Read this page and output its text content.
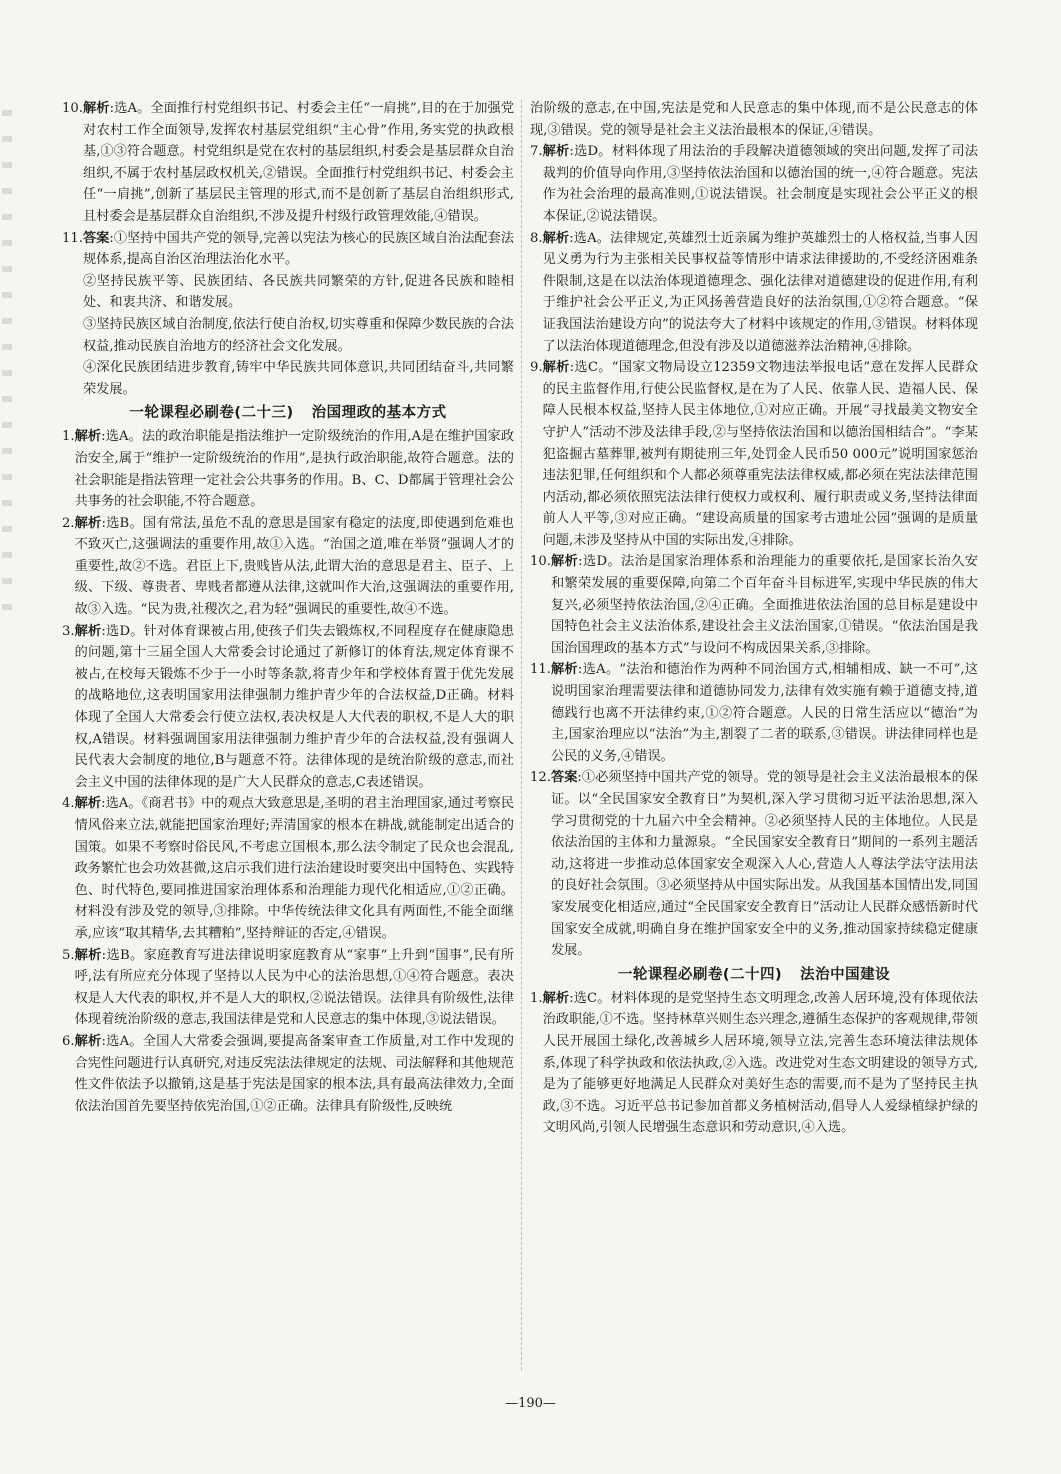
10. 解析:选A。全面推行村党组织书记、村委会主任“一肩挑”,目的在于加强党对农村工作全面领导,发挥农村基层党组织“主心骨”作用,务实党的执政根基,①③符合题意。村党组织是党在农村的基层组织,村委会是基层群众自治组织,不属于农村基层政权机关,②错误。全面推行村党组织书记、村委会主任“一肩挑”,创新了基层民主管理的形式,而不是创新了基层自治组织形式,且村委会是基层群众自治组织,不涉及提升村级行政管理效能,④错误。
11. 答案:①坚持中国共产党的领导,完善以宪法为核心的民族区域自治法配套法规体系,提高自治区治理法治化水平。

②坚持民族平等、民族团结、各民族共同繁荣的方针,促进各民族和睦相处、和衷共济、和谐发展。

③坚持民族区域自治制度,依法行使自治权,切实尊重和保障少数民族的合法权益,推动民族自治地方的经济社会文化发展。

④深化民族团结进步教育,铸牢中华民族共同体意识,共同团结奋斗,共同繁荣发展。

一轮课程必刷卷(二十三) 治国理政的基本方式
1. 解析:选A。法的政治职能是指法维护一定阶级统治的作用,A是在维护国家政治安全,属于“维护一定阶级统治的作用”,是执行政治职能,故符合题意。法的社会职能是指法管理一定社会公共事务的作用。B、C、D都属于管理社会公共事务的社会职能,不符合题意。
2. 解析:选B。国有常法,虽危不乱的意思是国家有稳定的法度,即使遇到危难也不致灭亡,这强调法的重要作用,故①入选。“治国之道,唯在举贤”强调人才的重要性,故②不选。君臣上下,贵贱皆从法,此谓大治的意思是君主、臣子、上级、下级、尊贵者、卑贱者都遵从法律,这就叫作大治,这强调法的重要作用,故③入选。“民为贵,社稷次之,君为轻”强调民的重要性,故④不选。
3. 解析:选D。针对体育课被占用,使孩子们失去锻炼权,不同程度存在健康隐患的问题,第十三届全国人大常委会讨论通过了新修订的体育法,规定体育课不被占,在校每天锻炼不少于一小时等条款,将青少年和学校体育置于优先发展的战略地位,这表明国家用法律强制力维护青少年的合法权益,D正确。材料体现了全国人大常委会行使立法权,表决权是人大代表的职权,不是人大的职权,A错误。材料强调国家用法律强制力维护青少年的合法权益,没有强调人民代表大会制度的地位,B与题意不符。法律体现的是统治阶级的意志,而社会主义中国的法律体现的是广大人民群众的意志,C表述错误。
4. 解析:选A。《商君书》中的观点大致意思是,圣明的君主治理国家,通过考察民情风俗来立法,就能把国家治理好;弄清国家的根本在耕战,就能制定出适合的国策。如果不考察时俗民风,不考虑立国根本,那么法令制定了民众也会混乱,政务繁忙也会功效甚微,这启示我们进行法治建设时要突出中国特色、实践特色、时代特色,要同推进国家治理体系和治理能力现代化相适应,①②正确。材料没有涉及党的领导,③排除。中华传统法律文化具有两面性,不能全面继承,应该“取其精华,去其糟粕”,坚持辩证的否定,④错误。
5. 解析:选B。家庭教育写进法律说明家庭教育从“家事”上升到“国事”,民有所呼,法有所应充分体现了坚持以人民为中心的法治思想,①④符合题意。表决权是人大代表的职权,并不是人大的职权,②说法错误。法律具有阶级性,法律体现着统治阶级的意志,我国法律是党和人民意志的集中体现,③说法错误。
6. 解析:选A。全国人大常委会强调,要提高备案审查工作质量,对工作中发现的合宪性问题进行认真研究,对违反宪法法律规定的法规、司法解释和其他规范性文件依法予以撤销,这是基于宪法是国家的根本法,具有最高法律效力,全面依法治国首先要坚持依宪治国,①②正确。法律具有阶级性,反映统
治阶级的意志,在中国,宪法是党和人民意志的集中体现,而不是公民意志的体现,③错误。党的领导是社会主义法治最根本的保证,④错误。
7. 解析:选D。材料体现了用法治的手段解决道德领域的突出问题,发挥了司法裁判的价值导向作用,③坚持依法治国和以德治国的统一,④符合题意。宪法作为社会治理的最高准则,①说法错误。社会制度是实现社会公平正义的根本保证,②说法错误。
8. 解析:选A。法律规定,英雄烈士近亲属为维护英雄烈士的人格权益,当事人因见义勇为行为主张相关民事权益等情形中请求法律援助的,不受经济困难条件限制,这是在以法治体现道德理念、强化法律对道德建设的促进作用,有利于维护社会公平正义,为正风扬善营造良好的法治氛围,①②符合题意。“保证我国法治建设方向”的说法夸大了材料中该规定的作用,③错误。材料体现了以法治体现道德理念,但没有涉及以道德滋养法治精神,④排除。
9. 解析:选C。“国家文物局设立12359文物违法举报电话”意在发挥人民群众的民主监督作用,行使公民监督权,是在为了人民、依靠人民、造福人民、保障人民根本权益,坚持人民主体地位,①对应正确。开展“寻找最美文物安全守护人”活动不涉及法律手段,②与坚持依法治国和以德治国相结合”。“李某犯盗掘古墓葬罪,被判有期徒刑三年,处罚金人民币50 000元”说明国家惩治违法犯罪,任何组织和个人都必须尊重宪法法律权威,都必须在宪法法律范围内活动,都必须依照宪法法律行使权力或权利、履行职责或义务,坚持法律面前人人平等,③对应正确。“建设高质量的国家考古遗址公园”强调的是质量问题,未涉及坚持从中国的实际出发,④排除。
10. 解析:选D。法治是国家治理体系和治理能力的重要依托,是国家长治久安和繁荣发展的重要保障,向第二个百年奋斗目标进军,实现中华民族的伟大复兴,必须坚持依法治国,②④正确。全面推进依法治国的总目标是建设中国特色社会主义法治体系,建设社会主义法治国家,①错误。“依法治国是我国治国理政的基本方式”与设问不构成因果关系,③排除。
11. 解析:选A。“法治和德治作为两种不同治国方式,相辅相成、缺一不可”,这说明国家治理需要法律和道德协同发力,法律有效实施有赖于道德支持,道德践行也离不开法律约束,①②符合题意。人民的日常生活应以“德治”为主,国家治理应以“法治”为主,割裂了二者的联系,③错误。讲法律同样也是公民的义务,④错误。
12. 答案:①必须坚持中国共产党的领导。党的领导是社会主义法治最根本的保证。以“全民国家安全教育日”为契机,深入学习贯彻习近平法治思想,深入学习贯彻党的十九届六中全会精神。②必须坚持人民的主体地位。人民是依法治国的主体和力量源泉。“全民国家安全教育日”期间的一系列主题活动,这将进一步推动总体国家安全观深入人心,营造人人尊法学法守法用法的良好社会氛围。③必须坚持从中国实际出发。从我国基本国情出发,同国家发展变化相适应,通过“全民国家安全教育日”活动让人民群众感悟新时代国家安全成就,明确自身在维护国家安全中的义务,推动国家持续稳定健康发展。
一轮课程必刷卷(二十四) 法治中国建设
1. 解析:选C。材料体现的是党坚持生态文明理念,改善人居环境,没有体现依法治政职能,①不选。坚持林草兴则生态兴理念,遵循生态保护的客观规律,带领人民开展国土绿化,改善城乡人居环境,领导立法,完善生态环境法律法规体系,体现了科学执政和依法执政,②入选。改进党对生态文明建设的领导方式,是为了能够更好地满足人民群众对美好生态的需要,而不是为了坚持民主执政,③不选。习近平总书记参加首都义务植树活动,倡导人人爱绿植绿护绿的文明风尚,引领人民增强生态意识和劳动意识,④入选。
—190—
